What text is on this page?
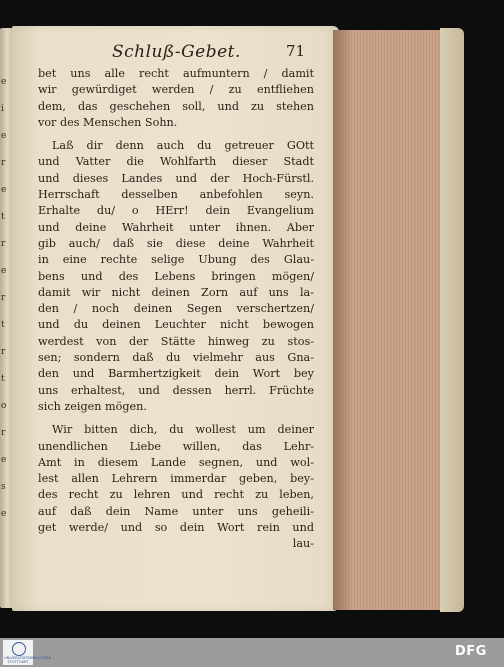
e
i
e
r
e
t
r
e
r
t
r
t
o
r
e
s
e
Schluß-Gebet.	71

bet uns alle recht aufmuntern / damit
wir gewürdiget werden / zu entfliehen
dem, das geschehen soll, und zu stehen
vor des Menschen Sohn.

Laß dir denn auch du getreuer GOtt
und Vatter die Wohlfarth dieser Stadt
und dieses Landes und der Hoch-Fürstl.
Herrschaft desselben anbefohlen seyn.
Erhalte du/ o HErr! dein Evangelium
und deine Wahrheit unter ihnen. Aber
gib auch/ daß sie diese deine Wahrheit
in eine rechte selige Ubung des Glau-
bens und des Lebens bringen mögen/
damit wir nicht deinen Zorn auf uns la-
den / noch deinen Segen verschertzen/
und du deinen Leuchter nicht bewogen
werdest von der Stätte hinweg zu stos-
sen; sondern daß du vielmehr aus Gna-
den und Barmhertzigkeit dein Wort bey
uns erhaltest, und dessen herrl. Früchte
sich zeigen mögen.

Wir bitten dich, du wollest um deiner
unendlichen Liebe willen, das Lehr-
Amt in diesem Lande segnen, und wol-
lest allen Lehrern immerdar geben, bey-
des recht zu lehren und recht zu leben,
auf daß dein Name unter uns geheili-
get werde/ und so dein Wort rein und
lau-

UNIVERSITÄTSBIBLIOTHEK
STUTTGART
DFG
